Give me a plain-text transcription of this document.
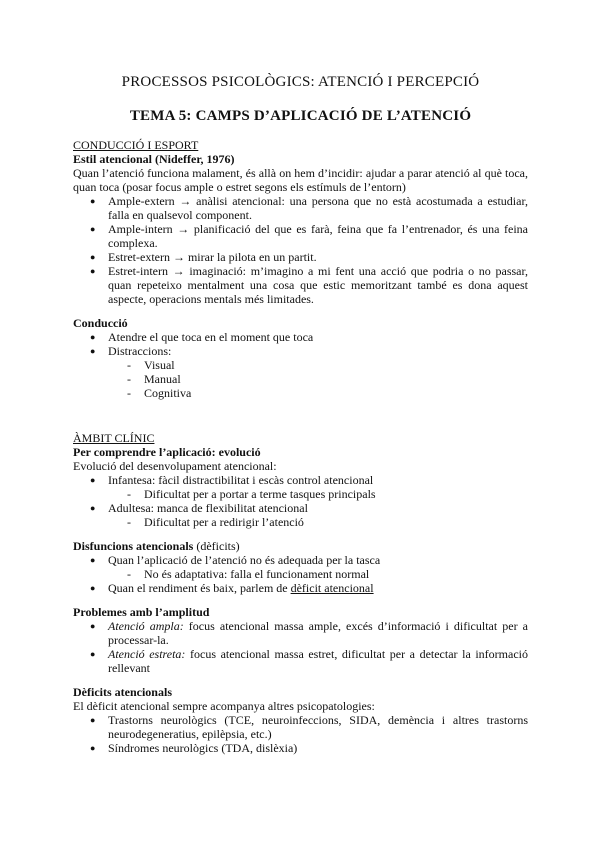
PROCESSOS PSICOLÒGICS: ATENCIÓ I PERCEPCIÓ
TEMA 5: CAMPS D’APLICACIÓ DE L’ATENCIÓ

CONDUCCIÓ I ESPORT

Estil atencional (Nideffer, 1976)

Quan l’atenció funciona malament, és allà on hem d’incidir: ajudar a parar atenció al què toca, quan toca (posar focus ample o estret segons els estímuls de l’entorn)

● Ample-extern → anàlisi atencional: una persona que no està acostumada a estudiar, falla en qualsevol component.
● Ample-intern → planificació del que es farà, feina que fa l’entrenador, és una feina complexa.
● Estret-extern → mirar la pilota en un partit.
● Estret-intern → imaginació: m’imagino a mi fent una acció que podria o no passar, quan repeteixo mentalment una cosa que estic memoritzant també es dona aquest aspecte, operacions mentals més limitades.

Conducció

● Atendre el que toca en el moment que toca
● Distraccions:
- Visual
- Manual
- Cognitiva

ÀMBIT CLÍNIC

Per comprendre l’aplicació: evolució

Evolució del desenvolupament atencional:

● Infantesa: fàcil distractibilitat i escàs control atencional
- Dificultat per a portar a terme tasques principals
● Adultesa: manca de flexibilitat atencional
- Dificultat per a redirigir l’atenció

Disfuncions atencionals (dèficits)

● Quan l’aplicació de l’atenció no és adequada per la tasca
- No és adaptativa: falla el funcionament normal
● Quan el rendiment és baix, parlem de dèficit atencional

Problemes amb l’amplitud

● Atenció ampla: focus atencional massa ample, excés d’informació i dificultat per a processar-la.
● Atenció estreta: focus atencional massa estret, dificultat per a detectar la informació rellevant

Dèficits atencionals

El dèficit atencional sempre acompanya altres psicopatologies:

● Trastorns neurològics (TCE, neuroinfeccions, SIDA, demència i altres trastorns neurodegeneratius, epilèpsia, etc.)
● Síndromes neurològics (TDA, dislèxia)
